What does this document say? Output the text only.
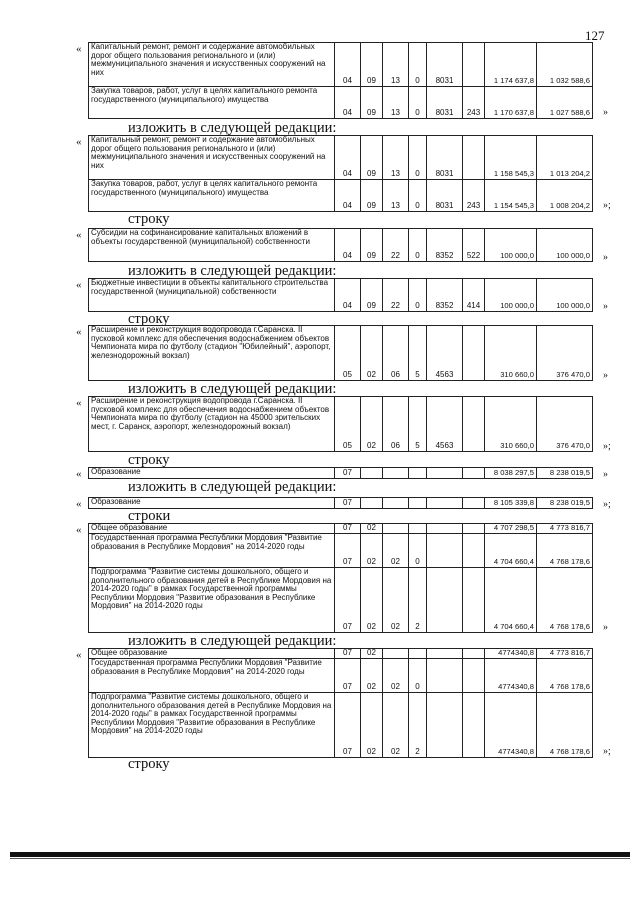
127
«	Капитальный ремонт, ремонт и содержание автомобильных дорог общего пользования регионального и (или) межмуниципального значения и искусственных сооружений на них	04	09	13	0	8031		1 174 637,8	1 032 588,6
Закупка товаров, работ, услуг в целях капитального ремонта государственного (муниципального) имущества	04	09	13	0	8031	243	1 170 637,8	1 027 588,6 »
изложить в следующей редакции:
«	Капитальный ремонт, ремонт и содержание автомобильных дорог общего пользования регионального и (или) межмуниципального значения и искусственных сооружений на них	04	09	13	0	8031		1 158 545,3	1 013 204,2
Закупка товаров, работ, услуг в целях капитального ремонта государственного (муниципального) имущества	04	09	13	0	8031	243	1 154 545,3	1 008 204,2 »;
строку
«	Субсидии на софинансирование капитальных вложений в объекты государственной (муниципальной) собственности	04	09	22	0	8352	522	100 000,0	100 000,0 »
изложить в следующей редакции:
«	Бюджетные инвестиции в объекты капитального строительства государственной (муниципальной) собственности	04	09	22	0	8352	414	100 000,0	100 000,0 »
строку
«	Расширение и реконструкция водопровода г.Саранска. II пусковой комплекс для обеспечения водоснабжением объектов Чемпионата мира по футболу (стадион "Юбилейный", аэропорт, железнодорожный вокзал)	05	02	06	5	4563		310 660,0	376 470,0 »
изложить в следующей редакции:
«	Расширение и реконструкция водопровода г.Саранска. II пусковой комплекс для обеспечения водоснабжением объектов Чемпионата мира по футболу (стадион на 45000 зрительских мест, г. Саранск, аэропорт, железнодорожный вокзал)	05	02	06	5	4563		310 660,0	376 470,0 »;
строку
«	Образование	07						8 038 297,5	8 238 019,5 »
изложить в следующей редакции:
«	Образование	07						8 105 339,8	8 238 019,5 »;
строки
«	Общее образование	07	02					4 707 298,5	4 773 816,7
Государственная программа Республики Мордовия "Развитие образования в Республике Мордовия" на 2014-2020 годы	07	02	02	0			4 704 660,4	4 768 178,6
Подпрограмма "Развитие системы дошкольного, общего и дополнительного образования детей в Республике Мордовия на 2014-2020 годы" в рамках Государственной программы Республики Мордовия "Развитие образования в Республике Мордовия" на 2014-2020 годы	07	02	02	2			4 704 660,4	4 768 178,6 »
изложить в следующей редакции:
«	Общее образование	07	02					4774340,8	4 773 816,7
Государственная программа Республики Мордовия "Развитие образования в Республике Мордовия" на 2014-2020 годы	07	02	02	0			4774340,8	4 768 178,6
Подпрограмма "Развитие системы дошкольного, общего и дополнительного образования детей в Республике Мордовия на 2014-2020 годы" в рамках Государственной программы Республики Мордовия "Развитие образования в Республике Мордовия" на 2014-2020 годы	07	02	02	2			4774340,8	4 768 178,6 »;
строку
